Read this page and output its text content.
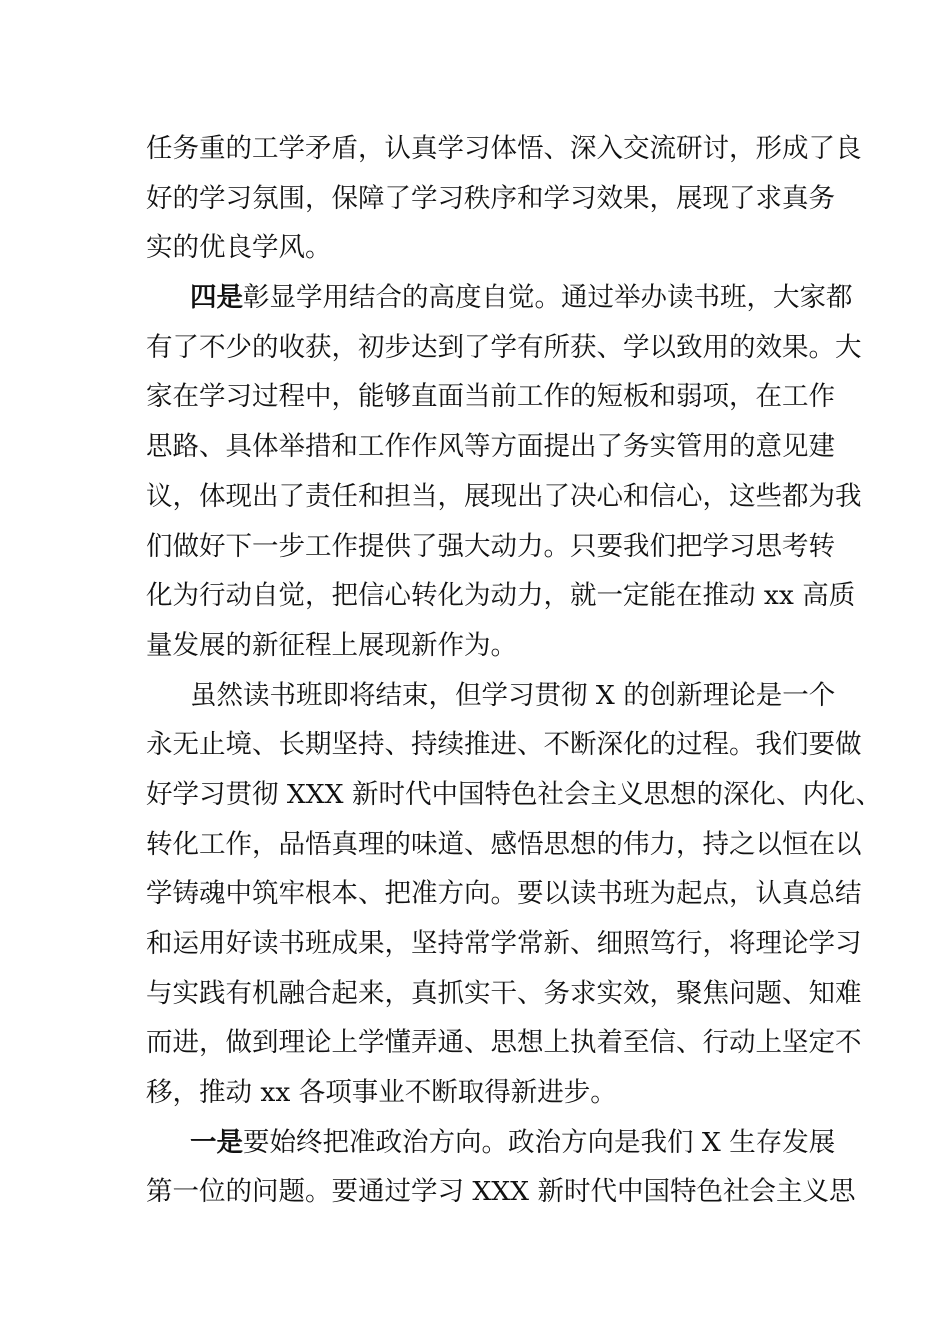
任务重的工学矛盾，认真学习体悟、深入交流研讨，形成了良
好的学习氛围，保障了学习秩序和学习效果，展现了求真务
实的优良学风。
四是彰显学用结合的高度自觉。通过举办读书班，大家都
有了不少的收获，初步达到了学有所获、学以致用的效果。大
家在学习过程中，能够直面当前工作的短板和弱项，在工作
思路、具体举措和工作作风等方面提出了务实管用的意见建
议，体现出了责任和担当，展现出了决心和信心，这些都为我
们做好下一步工作提供了强大动力。只要我们把学习思考转
化为行动自觉，把信心转化为动力，就一定能在推动 xx 高质
量发展的新征程上展现新作为。
虽然读书班即将结束，但学习贯彻 X 的创新理论是一个
永无止境、长期坚持、持续推进、不断深化的过程。我们要做
好学习贯彻 XXX 新时代中国特色社会主义思想的深化、内化、
转化工作，品悟真理的味道、感悟思想的伟力，持之以恒在以
学铸魂中筑牢根本、把准方向。要以读书班为起点，认真总结
和运用好读书班成果，坚持常学常新、细照笃行，将理论学习
与实践有机融合起来，真抓实干、务求实效，聚焦问题、知难
而进，做到理论上学懂弄通、思想上执着至信、行动上坚定不
移，推动 xx 各项事业不断取得新进步。
一是要始终把准政治方向。政治方向是我们 X 生存发展
第一位的问题。要通过学习 XXX 新时代中国特色社会主义思
